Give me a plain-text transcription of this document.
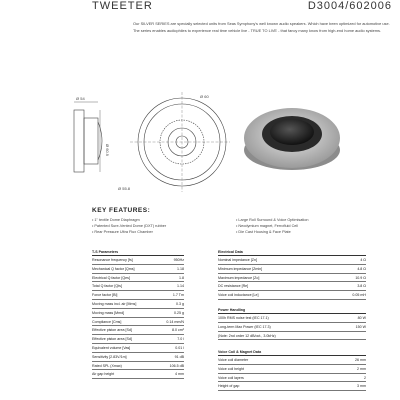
TWEETER	D3004/602006

Our SILVER SERIES are specially selected units from Seas Symphony's well known audio speakers. Which have been optimized for automotive use. The series enables audiophiles to experience real time vehicle live - TRUE TO LIVE - that fancy many know from high-end home audio systems.

Ø 54
Ø 60.9
Ø 55.8
Ø 60
KEY FEATURES:
• 1" textile Dome Diaphragm
• Patented Sure-Vented Dome (DXT) rubber
• Rear Pressure Ultra Flux Chamber
• Large Roll Surround & Voice Optimisation
• Neodymium magnet, Ferrofluid Cell
• Die Cast Housing & Face Plate
T-S Parameters
Resonance frequency [fs]	950Hz
Mechanical Q factor [Qms]	1.18
Electrical Q factor [Qes]	1.8
Total Q factor [Qts]	1.14
Force factor [Bl]	1.7 Tm
Moving mass incl. air [Mms]	0.3 g
Moving mass [Mmd]	0.25 g
Compliance [Cms]	0.14 mm/N
Effective piston area [Sd]	8.0 cm²
Effective piston area [Sd]	7.0 l
Equivalent volume [Vas]	0.01 l
Sensitivity [2.83V/1m]	91 dB
Rated SPL (Xmax)	106.5 dB
Air gap height	4 mm
Electrical Data
Nominal impedance [Zn]	4 Ω
Minimum impedance [Zmin]	4.8 Ω
Maximum impedance [Zo]	10.9 Ω
DC resistance [Re]	3.8 Ω
Voice coil inductance [Le]	0.05 mH
Power Handling
100h RMS noise test (IEC 17.1)	80 W
Long-term Max Power (IEC 17.3)	150 W
(Note: 2nd order 12 dB/oct., 3.0kHz)
Voice Coil & Magnet Data
Voice coil diameter	26 mm
Voice coil height	2 mm
Voice coil layers	2
Height of gap	3 mm
